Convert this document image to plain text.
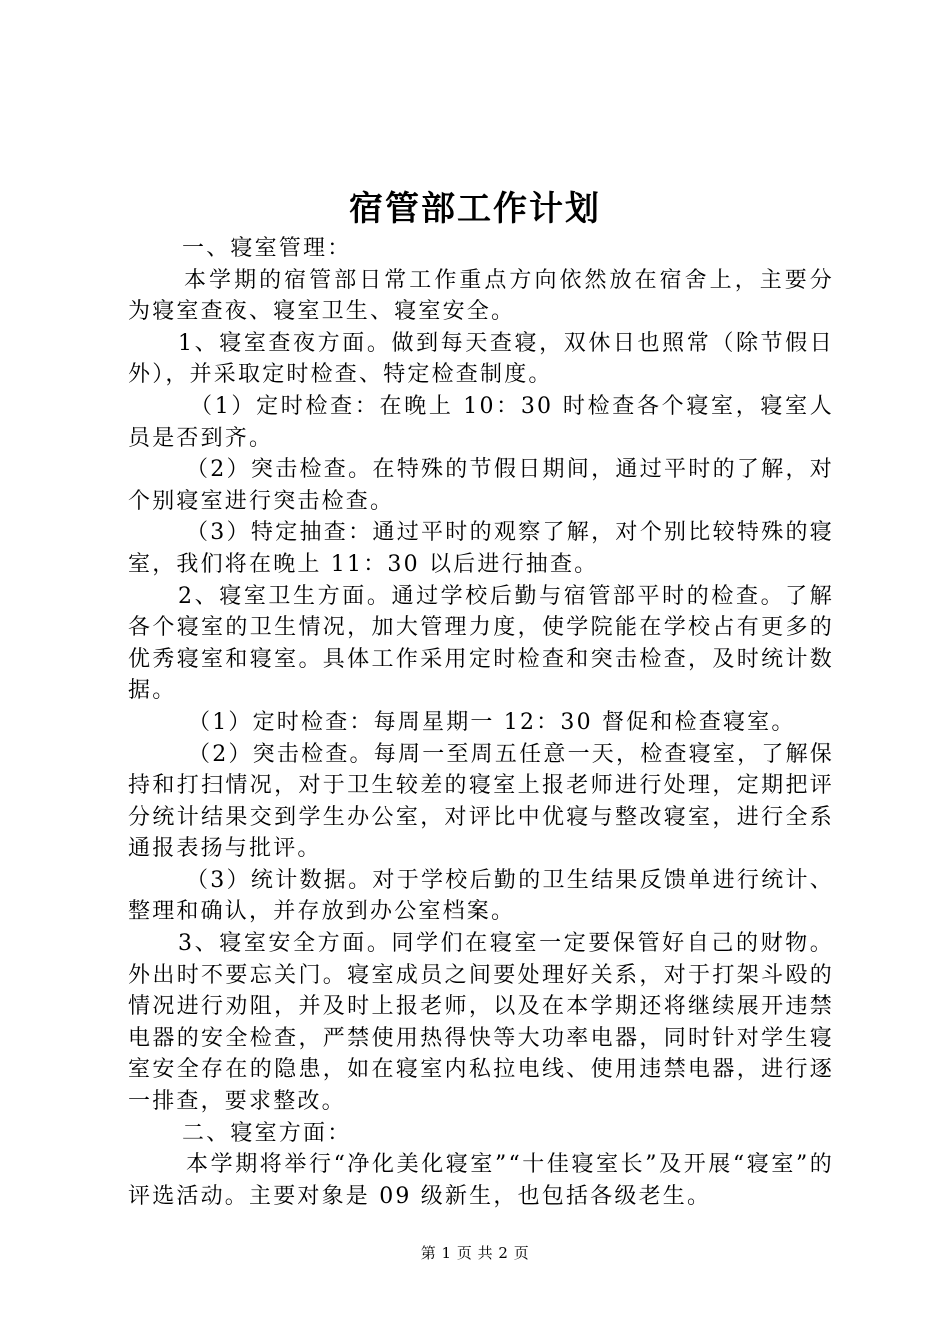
宿管部工作计划

一、寝室管理：

本学期的宿管部日常工作重点方向依然放在宿舍上，主要分为寝室查夜、寝室卫生、寝室安全。

1、寝室查夜方面。做到每天查寝，双休日也照常（除节假日外），并采取定时检查、特定检查制度。

（1）定时检查：在晚上 10：30 时检查各个寝室，寝室人员是否到齐。

（2）突击检查。在特殊的节假日期间，通过平时的了解，对个别寝室进行突击检查。

（3）特定抽查：通过平时的观察了解，对个别比较特殊的寝室，我们将在晚上 11：30 以后进行抽查。

2、寝室卫生方面。通过学校后勤与宿管部平时的检查。了解各个寝室的卫生情况，加大管理力度，使学院能在学校占有更多的优秀寝室和寝室。具体工作采用定时检查和突击检查，及时统计数据。

（1）定时检查：每周星期一 12：30 督促和检查寝室。

（2）突击检查。每周一至周五任意一天，检查寝室，了解保持和打扫情况，对于卫生较差的寝室上报老师进行处理，定期把评分统计结果交到学生办公室，对评比中优寝与整改寝室，进行全系通报表扬与批评。

（3）统计数据。对于学校后勤的卫生结果反馈单进行统计、整理和确认，并存放到办公室档案。

3、寝室安全方面。同学们在寝室一定要保管好自己的财物。外出时不要忘关门。寝室成员之间要处理好关系，对于打架斗殴的情况进行劝阻，并及时上报老师，以及在本学期还将继续展开违禁电器的安全检查，严禁使用热得快等大功率电器，同时针对学生寝室安全存在的隐患，如在寝室内私拉电线、使用违禁电器，进行逐一排查，要求整改。

二、寝室方面：

本学期将举行“净化美化寝室”“十佳寝室长”及开展“寝室”的评选活动。主要对象是 09 级新生，也包括各级老生。

第 1 页 共 2 页
